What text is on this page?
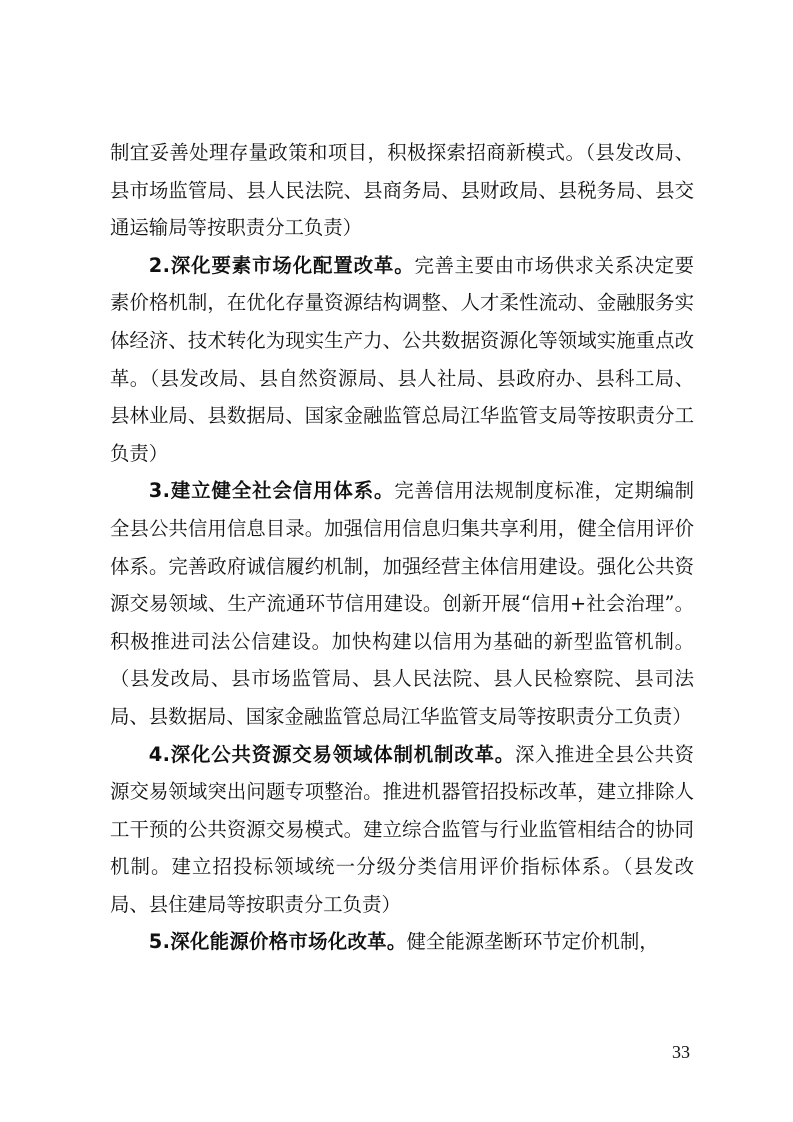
制宜妥善处理存量政策和项目，积极探索招商新模式。（县发改局、县市场监管局、县人民法院、县商务局、县财政局、县税务局、县交通运输局等按职责分工负责）

2.深化要素市场化配置改革。完善主要由市场供求关系决定要素价格机制，在优化存量资源结构调整、人才柔性流动、金融服务实体经济、技术转化为现实生产力、公共数据资源化等领域实施重点改革。（县发改局、县自然资源局、县人社局、县政府办、县科工局、县林业局、县数据局、国家金融监管总局江华监管支局等按职责分工负责）

3.建立健全社会信用体系。完善信用法规制度标准，定期编制全县公共信用信息目录。加强信用信息归集共享利用，健全信用评价体系。完善政府诚信履约机制，加强经营主体信用建设。强化公共资源交易领域、生产流通环节信用建设。创新开展“信用+社会治理”。积极推进司法公信建设。加快构建以信用为基础的新型监管机制。（县发改局、县市场监管局、县人民法院、县人民检察院、县司法局、县数据局、国家金融监管总局江华监管支局等按职责分工负责）

4.深化公共资源交易领域体制机制改革。深入推进全县公共资源交易领域突出问题专项整治。推进机器管招投标改革，建立排除人工干预的公共资源交易模式。建立综合监管与行业监管相结合的协同机制。建立招投标领域统一分级分类信用评价指标体系。（县发改局、县住建局等按职责分工负责）

5.深化能源价格市场化改革。健全能源垄断环节定价机制，

33
